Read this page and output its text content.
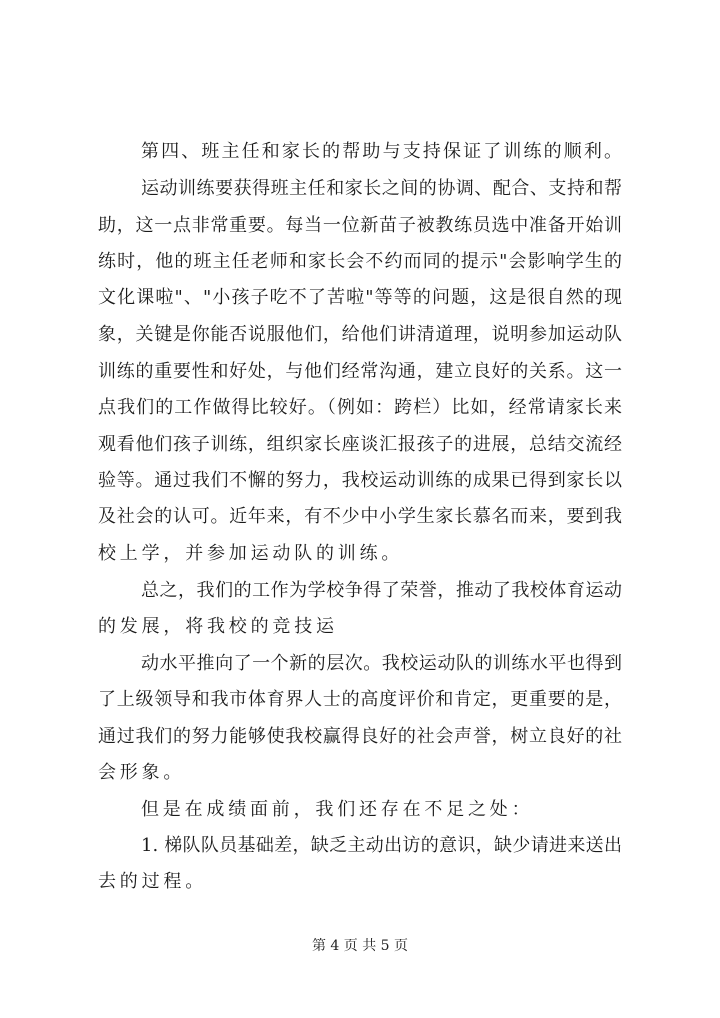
第四、班主任和家长的帮助与支持保证了训练的顺利。
运动训练要获得班主任和家长之间的协调、配合、支持和帮
助，这一点非常重要。每当一位新苗子被教练员选中准备开始训
练时，他的班主任老师和家长会不约而同的提示"会影响学生的
文化课啦"、"小孩子吃不了苦啦"等等的问题，这是很自然的现
象，关键是你能否说服他们，给他们讲清道理，说明参加运动队
训练的重要性和好处，与他们经常沟通，建立良好的关系。这一
点我们的工作做得比较好。（例如：跨栏）比如，经常请家长来
观看他们孩子训练，组织家长座谈汇报孩子的进展，总结交流经
验等。通过我们不懈的努力，我校运动训练的成果已得到家长以
及社会的认可。近年来，有不少中小学生家长慕名而来，要到我
校上学，并参加运动队的训练。
总之，我们的工作为学校争得了荣誉，推动了我校体育运动
的发展，将我校的竞技运
动水平推向了一个新的层次。我校运动队的训练水平也得到
了上级领导和我市体育界人士的高度评价和肯定，更重要的是，
通过我们的努力能够使我校赢得良好的社会声誉，树立良好的社
会形象。
但是在成绩面前，我们还存在不足之处：
1. 梯队队员基础差，缺乏主动出访的意识，缺少请进来送出
去的过程。
第 4 页 共 5 页
